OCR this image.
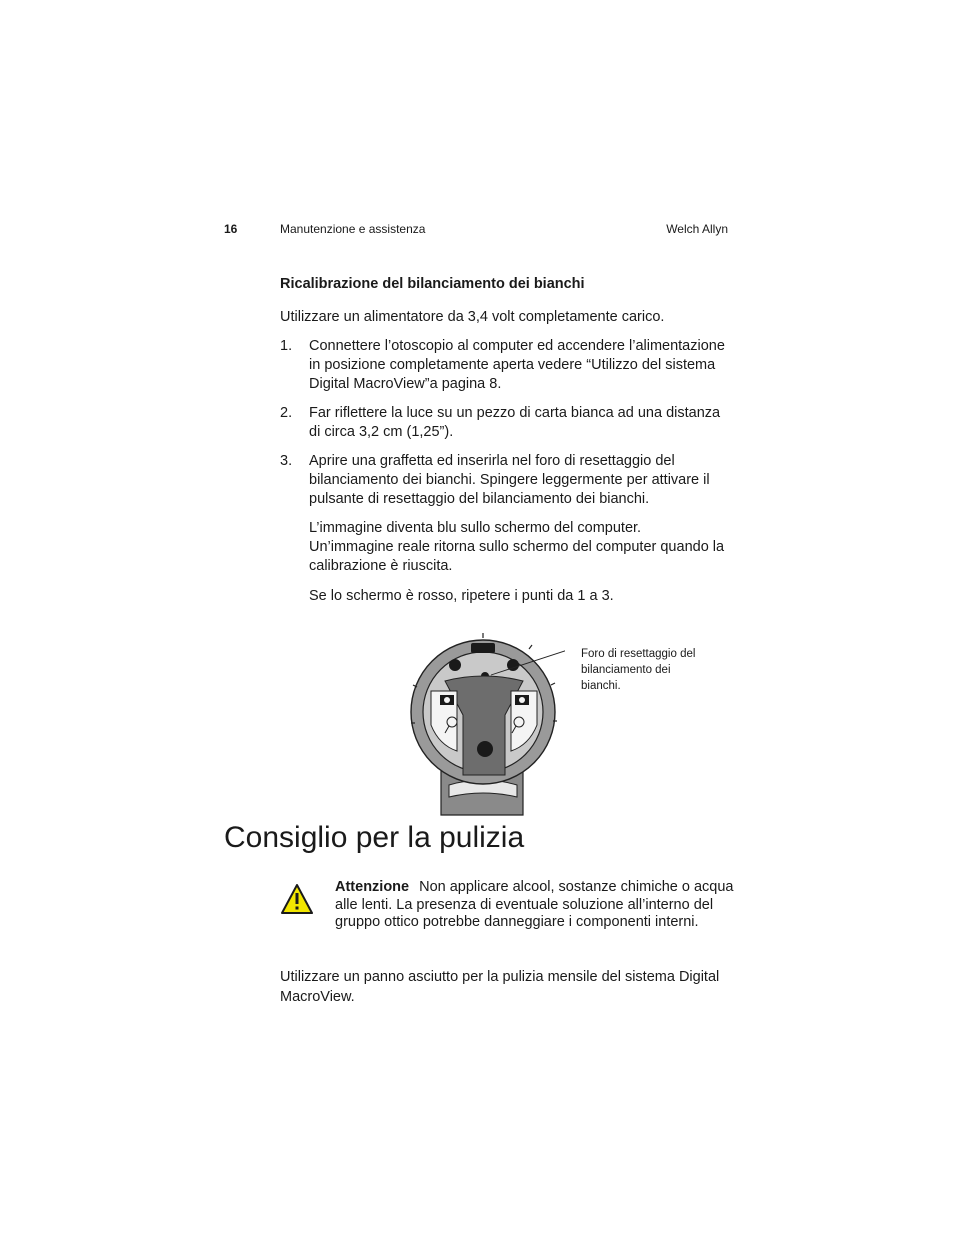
16	Manutenzione e assistenza	Welch Allyn
Ricalibrazione del bilanciamento dei bianchi
Utilizzare un alimentatore da 3,4 volt completamente carico.
1. Connettere l’otoscopio al computer ed accendere l’alimentazione in posizione completamente aperta vedere “Utilizzo del sistema Digital MacroView”a pagina 8.
2. Far riflettere la luce su un pezzo di carta bianca ad una distanza di circa 3,2 cm (1,25”).
3. Aprire una graffetta ed inserirla nel foro di resettaggio del bilanciamento dei bianchi. Spingere leggermente per attivare il pulsante di resettaggio del bilanciamento dei bianchi.
L’immagine diventa blu sullo schermo del computer. Un’immagine reale ritorna sullo schermo del computer quando la calibrazione è riuscita.
Se lo schermo è rosso, ripetere i punti da 1 a 3.
Foro di resettaggio del bilanciamento dei bianchi.
Consiglio per la pulizia
Attenzione Non applicare alcool, sostanze chimiche o acqua alle lenti. La presenza di eventuale soluzione all’interno del gruppo ottico potrebbe danneggiare i componenti interni.
Utilizzare un panno asciutto per la pulizia mensile del sistema Digital MacroView.
